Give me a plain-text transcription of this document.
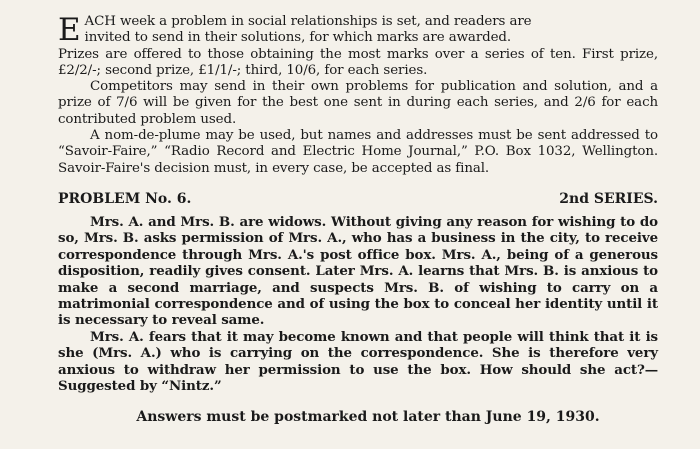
EACH week a problem in social relationships is set, and readers are
invited to send in their solutions, for which marks are awarded.
Prizes are offered to those obtaining the most marks over a series of ten. First prize, £2/2/-; second prize, £1/1/-; third, 10/6, for each series.

Competitors may send in their own problems for publication and solution, and a prize of 7/6 will be given for the best one sent in during each series, and 2/6 for each contributed problem used.

A nom-de-plume may be used, but names and addresses must be sent addressed to “Savoir-Faire,” “Radio Record and Electric Home Journal,” P.O. Box 1032, Wellington. Savoir-Faire's decision must, in every case, be accepted as final.

PROBLEM No. 6.	2nd SERIES.

Mrs. A. and Mrs. B. are widows. Without giving any reason for wishing to do so, Mrs. B. asks permission of Mrs. A., who has a business in the city, to receive correspondence through Mrs. A.'s post office box. Mrs. A., being of a generous disposition, readily gives consent. Later Mrs. A. learns that Mrs. B. is anxious to make a second marriage, and suspects Mrs. B. of wishing to carry on a matrimonial correspondence and of using the box to conceal her identity until it is necessary to reveal same.

Mrs. A. fears that it may become known and that people will think that it is she (Mrs. A.) who is carrying on the correspondence. She is therefore very anxious to withdraw her permission to use the box. How should she act?—Suggested by “Nintz.”

Answers must be postmarked not later than June 19, 1930.
